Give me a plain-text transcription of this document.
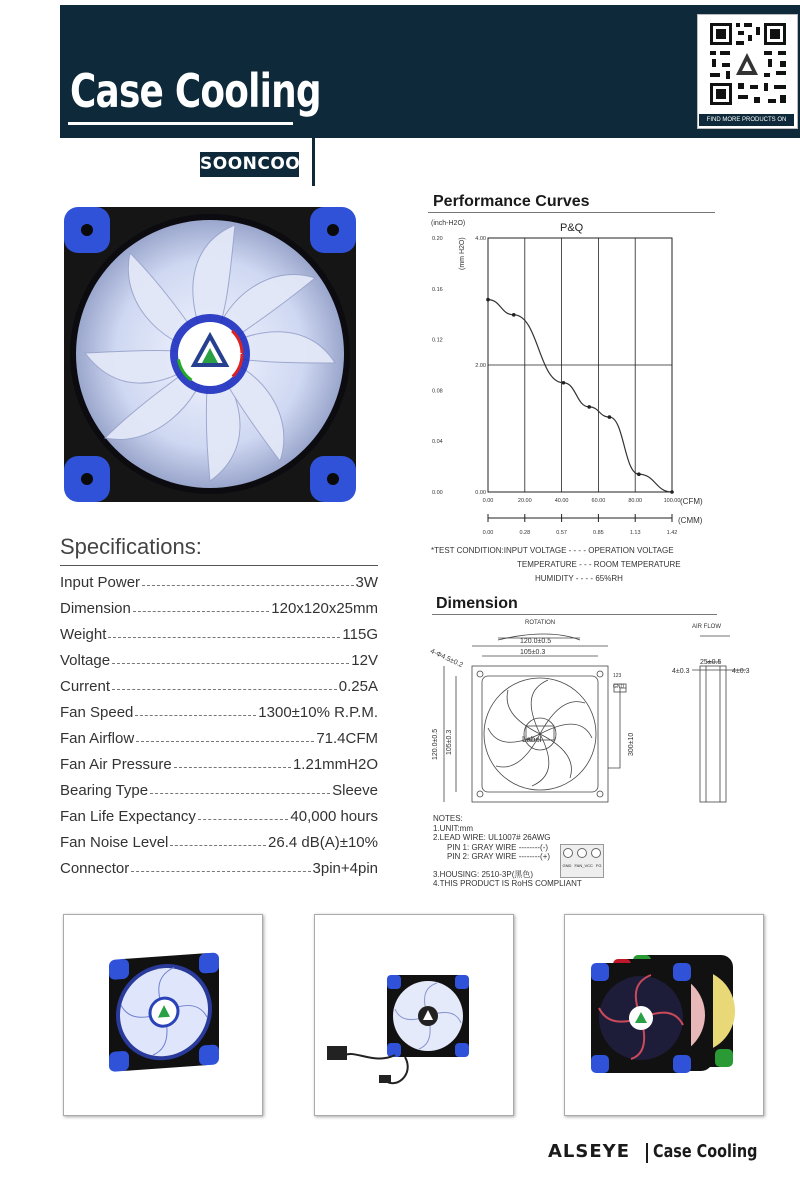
Case Cooling
FIND MORE PRODUCTS ON
SOONCOOL
Performance Curves
0.00	20.00	40.00	60.00	80.00	100.00
0.00	0.28	0.57	0.85	1.13	1.42
0.00
2.00
4.00
0.00
0.04
0.08
0.12
0.16
0.20
(inch-H2O)	P&Q
(mm H2O)
(CFM)
(CMM)
*TEST CONDITION:INPUT VOLTAGE - - - - OPERATION VOLTAGE
TEMPERATURE - - - ROOM TEMPERATURE
HUMIDITY - - - - 65%RH
Specifications:
Input Power	3W
Dimension	120x120x25mm
Weight	115G
Voltage	12V
Current	0.25A
Fan Speed	1300±10% R.P.M.
Fan Airflow	71.4CFM
Fan Air Pressure	1.21mmH2O
Bearing Type	Sleeve
Fan Life Expectancy	40,000 hours
Fan Noise Level	26.4 dB(A)±10%
Connector	3pin+4pin
Dimension
ROTATION
AIR FLOW
120.0±0.5
105±0.3
4-Φ4.5±0.2	25±0.5
4±0.3	4±0.3
120.0±0.5 105±0.3	300±10
Label
123
GND
NOTES:
1.UNIT:mm
2.LEAD WIRE: UL1007# 26AWG
PIN 1: GRAY WIRE --------(-)
PIN 2: GRAY WIRE --------(+)
3.HOUSING: 2510-3P(黑色)
4.THIS PRODUCT IS RoHS COMPLIANT
GND FAN_VCC FG
ALSEYE Case Cooling
